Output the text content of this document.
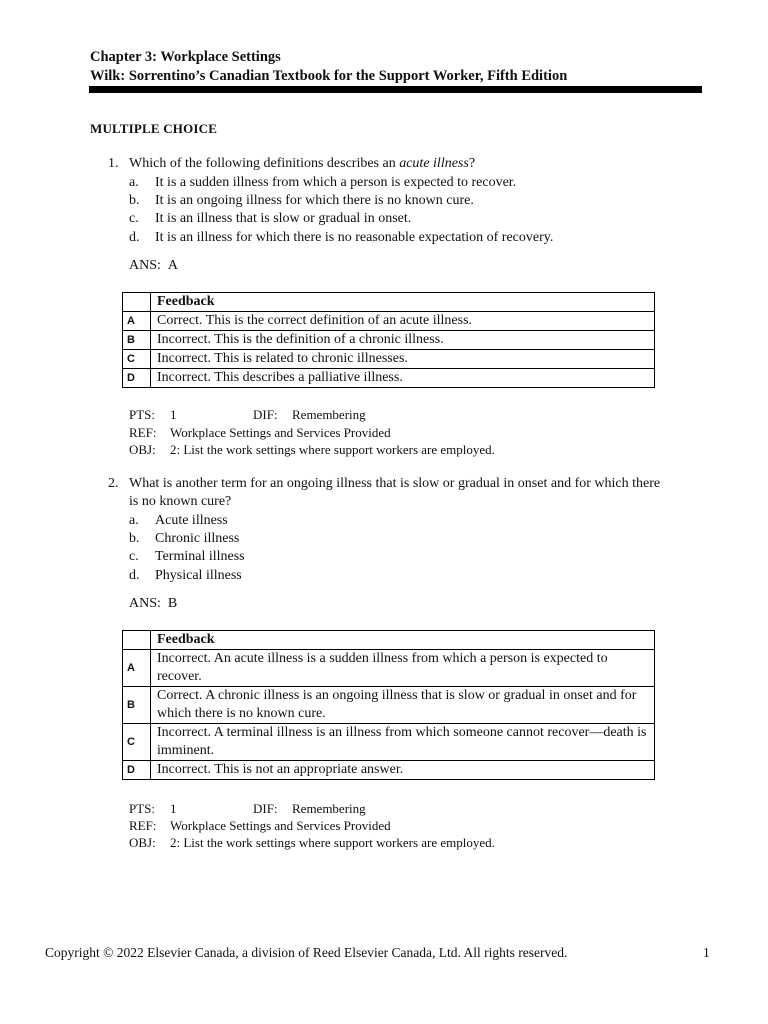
Chapter 3: Workplace Settings
Wilk: Sorrentino’s Canadian Textbook for the Support Worker, Fifth Edition
MULTIPLE CHOICE
1. Which of the following definitions describes an acute illness?
a. It is a sudden illness from which a person is expected to recover.
b. It is an ongoing illness for which there is no known cure.
c. It is an illness that is slow or gradual in onset.
d. It is an illness for which there is no reasonable expectation of recovery.
ANS: A
	Feedback
A	Correct. This is the correct definition of an acute illness.
B	Incorrect. This is the definition of a chronic illness.
C	Incorrect. This is related to chronic illnesses.
D	Incorrect. This describes a palliative illness.
PTS: 1	DIF: Remembering
REF: Workplace Settings and Services Provided
OBJ: 2: List the work settings where support workers are employed.
2. What is another term for an ongoing illness that is slow or gradual in onset and for which there
is no known cure?
a. Acute illness
b. Chronic illness
c. Terminal illness
d. Physical illness
ANS: B
	Feedback
A	Incorrect. An acute illness is a sudden illness from which a person is expected to recover.
B	Correct. A chronic illness is an ongoing illness that is slow or gradual in onset and for which there is no known cure.
C	Incorrect. A terminal illness is an illness from which someone cannot recover—death is imminent.
D	Incorrect. This is not an appropriate answer.
PTS: 1	DIF: Remembering
REF: Workplace Settings and Services Provided
OBJ: 2: List the work settings where support workers are employed.
Copyright © 2022 Elsevier Canada, a division of Reed Elsevier Canada, Ltd. All rights reserved.	1
